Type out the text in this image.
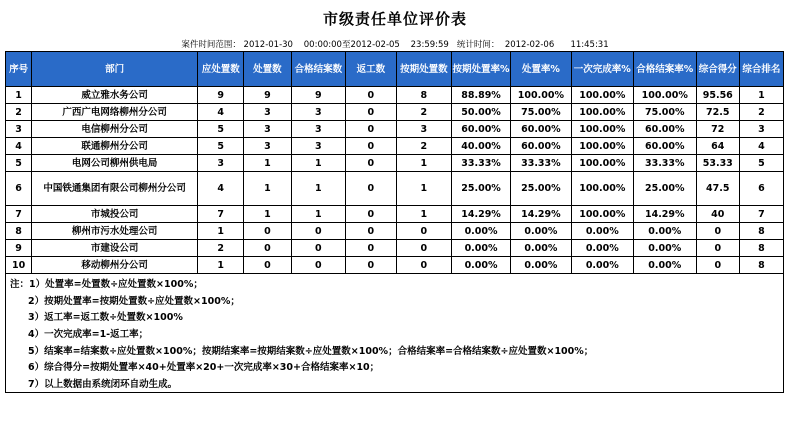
市级责任单位评价表
案件时间范围： 2012-01-30    00:00:00至2012-02-05    23:59:59   统计时间：  2012-02-06      11:45:31
序号	部门	应处置数	处置数	合格结案数	返工数	按期处置数	按期处置率%	处置率%	一次完成率%	合格结案率%	综合得分	综合排名
1	威立雅水务公司	9	9	9	0	8	88.89%	100.00%	100.00%	100.00%	95.56	1
2	广西广电网络柳州分公司	4	3	3	0	2	50.00%	75.00%	100.00%	75.00%	72.5	2
3	电信柳州分公司	5	3	3	0	3	60.00%	60.00%	100.00%	60.00%	72	3
4	联通柳州分公司	5	3	3	0	2	40.00%	60.00%	100.00%	60.00%	64	4
5	电网公司柳州供电局	3	1	1	0	1	33.33%	33.33%	100.00%	33.33%	53.33	5
6	中国铁通集团有限公司柳州分公司	4	1	1	0	1	25.00%	25.00%	100.00%	25.00%	47.5	6
7	市城投公司	7	1	1	0	1	14.29%	14.29%	100.00%	14.29%	40	7
8	柳州市污水处理公司	1	0	0	0	0	0.00%	0.00%	0.00%	0.00%	0	8
9	市建设公司	2	0	0	0	0	0.00%	0.00%	0.00%	0.00%	0	8
10	移动柳州分公司	1	0	0	0	0	0.00%	0.00%	0.00%	0.00%	0	8
注：1）处置率=处置数÷应处置数×100%；
2）按期处置率=按期处置数÷应处置数×100%；
3）返工率=返工数÷处置数×100%
4）一次完成率=1-返工率；
5）结案率=结案数÷应处置数×100%；按期结案率=按期结案数÷应处置数×100%；合格结案率=合格结案数÷应处置数×100%；
6）综合得分=按期处置率×40+处置率×20+一次完成率×30+合格结案率×10；
7）以上数据由系统闭环自动生成。
